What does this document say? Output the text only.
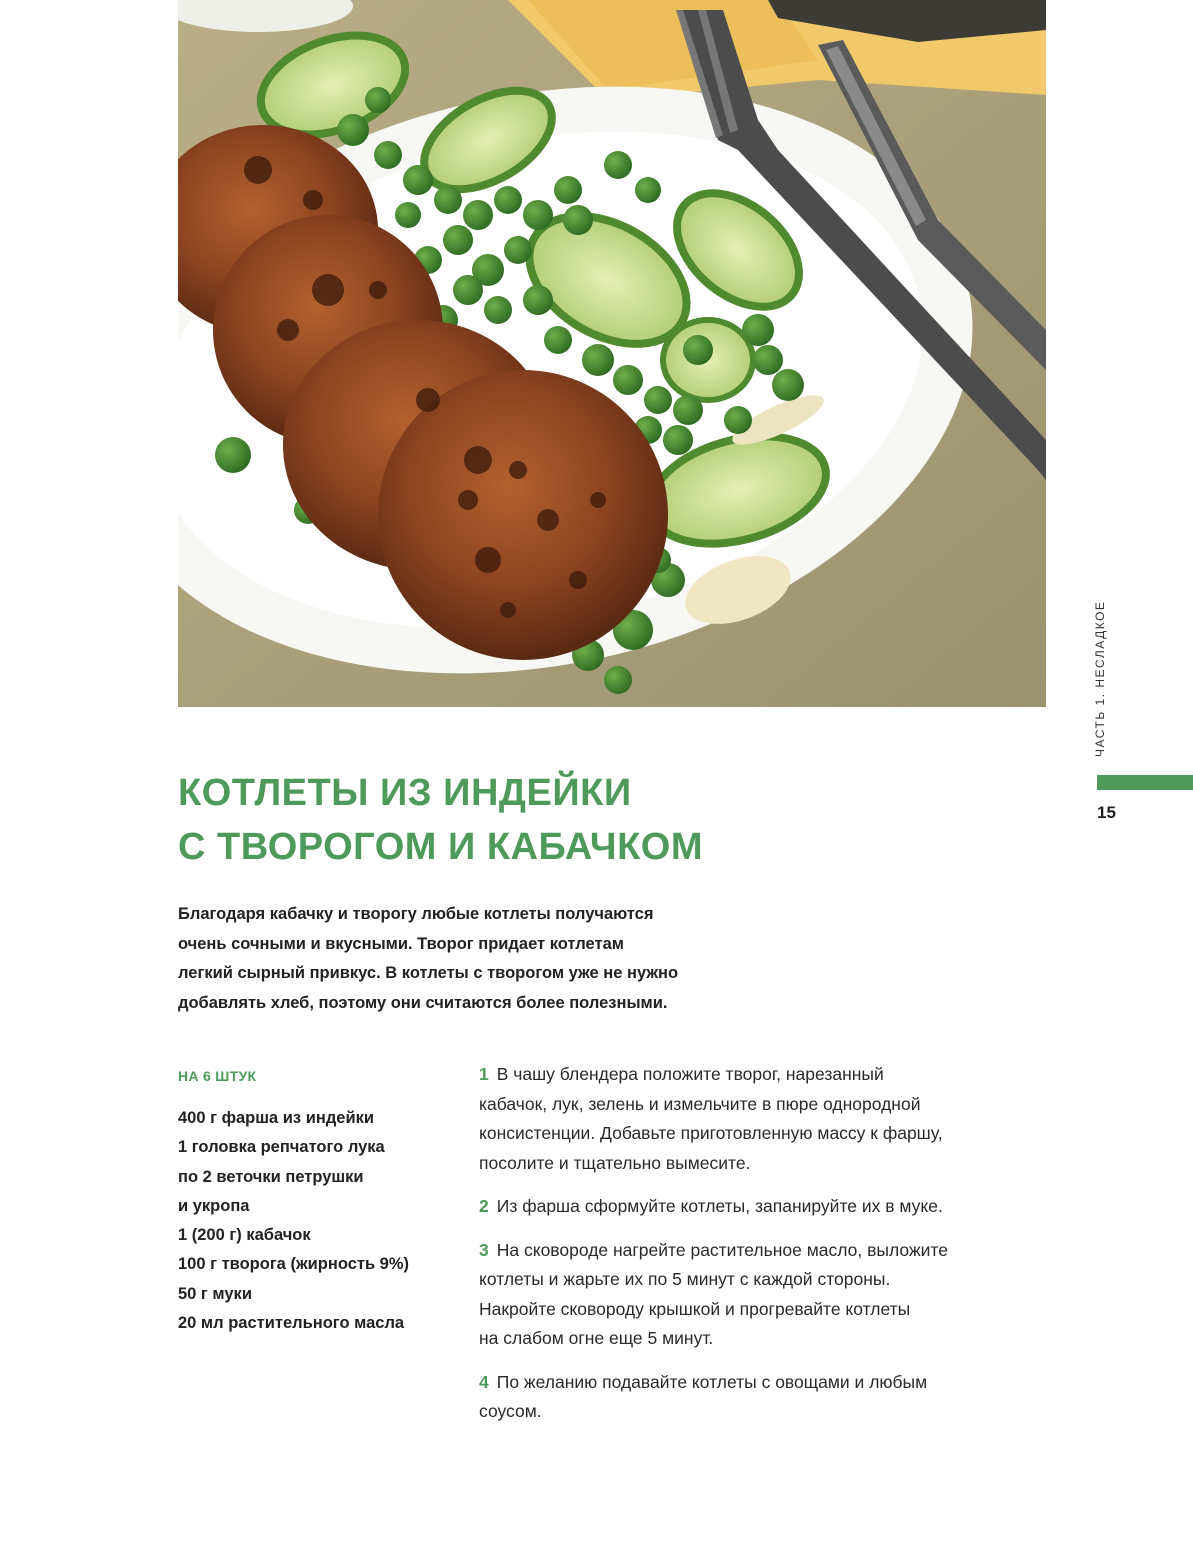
ЧАСТЬ 1. НЕСЛАДКОЕ
15
КОТЛЕТЫ ИЗ ИНДЕЙКИ
С ТВОРОГОМ И КАБАЧКОМ

Благодаря кабачку и творогу любые котлеты получаются
очень сочными и вкусными. Творог придает котлетам
легкий сырный привкус. В котлеты с творогом уже не нужно
добавлять хлеб, поэтому они считаются более полезными.

НА 6 ШТУК
400 г фарша из индейки
1 головка репчатого лука
по 2 веточки петрушки
и укропа
1 (200 г) кабачок
100 г творога (жирность 9%)
50 г муки
20 мл растительного масла
1 В чашу блендера положите творог, нарезанный
кабачок, лук, зелень и измельчите в пюре однородной
консистенции. Добавьте приготовленную массу к фаршу,
посолите и тщательно вымесите.
2 Из фарша сформуйте котлеты, запанируйте их в муке.
3 На сковороде нагрейте растительное масло, выложите
котлеты и жарьте их по 5 минут с каждой стороны.
Накройте сковороду крышкой и прогревайте котлеты
на слабом огне еще 5 минут.
4 По желанию подавайте котлеты с овощами и любым
соусом.
